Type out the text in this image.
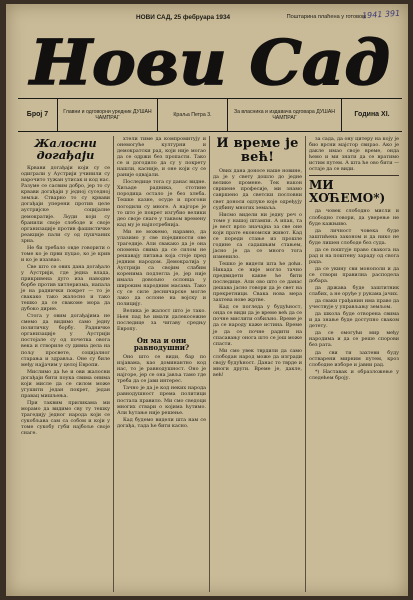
1941 391
НОВИ САД, 25 фебруара 1934	Поштарина плаћена у готовом
Нови Сад
Број 7	Главни и одговорни уредник ДУШАН ЧАМПРАГ
Краља Петра 3.
За власника и издавача одговара ДУШАН ЧАМПРАГ
Година XI.
Жалосни догађаји

Крвави догађаји који су се одиграли у Аустрији учинили су нарочито тужан утисак и код нас. Разуме се сасвим добро, јер то су крвави догађаји у једној суседној земљи. Стварно то су крвави догађаји уперени против целе аустријске социјалне демократије. Људи који су бранили своје слободе и своје организације против фашистичке реакције пали су од пушчаних зрна.

Не би требало овде говорити о томе ко је први пуцао, ко је крив и ко је изазвао.

Све што се ових дана догађало у Аустрији, где једна влада, прикривена дуго иза наводне борбе против хитлеризма, напала је на раднички покрет — то је свакако тако жалосно и тако тешко да се свакоме мора да дубоко дирне.

Стога у овим догађајима не смемо да видимо само једну политичку борбу. Радничке организације у Аустрији постојале су од почетка овога века и створиле су дивна дела на пољу просвете, социјалног старања и здравља. Оне су биле међу најјачим у целој Европи.

Мислимо да ће и ови жалосни догађаји бити поука свима онима који мисле да се силом може угушити један покрет, један правац мишљења.

При таквим приликама ми морамо да видимо сву ту тешку трагедију једног народа који се сукобљава сам са собом и који у томе сукобу губи најбоље своје снаге.

хтели тиме да компромитују и онемогуће културни и демократски рад, који није могао да се одржи без пропасти. Тако се и догодило да су у покрету нашли, касније, и оне који су се раније одвајали.

Последице тога су данас видне. Хиљаде радника, стотине породица остало је без хлеба. Тешке казне, осуде и прогони погодили су многе. А најгоре је то што је покрет изгубио велики део своје снаге у таквом времену кад му је најпотребнија.

Ми не можемо, наравно, да улазимо у све појединости ове трагедије. Али свакако да је она опомена свима да се силом не решавају питања која стоје пред једним народом. Демократија у Аустрији са својим слабим коренима подлегла је, јер није имала довољно ослонца у широким народним масама. Тако су се силе десничарске могле лако да ослоне на војску и полицију.

Велика је жалост што је тако. Њен пад ће имати далекосежне последице за читаву средњу Европу.

Он ма и они равнодушни?

Оно што се види, бар по изјавама, као доминантно код нас, то је равнодушност. Оно је најгоре, јер се она јавља тамо где треба да се јави интерес.

Тачно је да је код неких народа равнодушност према политици постала правило. Ми смо сведоци многих ствари о којима ћутимо. Али ћутање није решење.

Кад будемо видели шта нам се догађа, тада ће бити касно.

И време је већ!

Ових дана доносе наше новине, да је у свету дошло до једне велике промене. Тек након свршене професије, ми знамо савршено да светски пословни свет доноси одлуке које одређују судбину многих земаља.

Нисмо видели ни једну реч о томе у нашој штампи. А ипак, та је вест врло значајна за све оне који прате економски живот. Кад се пореди стање из прошле године са садашњим стањем, јасно је да се много тога изменило.

Тешко је видети шта ће доћи. Никада се није могло тачно предвидети какве ће бити последице. Али ово што се данас дешава јасно говори да је свет на прекретници. Свака нова мера захтева нове жртве.

Кад се погледа у будућност, онда се види да је време већ да се почне мислити озбиљно. Време је да се народу каже истина. Време је да се почне радити на спасавању онога што се још може спасти.

Ми смо увек тврдили да само слободан народ може да изгради своју будућност. Данас то тврде и многи други. Време је, дакле, већ!

за сада, да ону цитеру на коју је био врсни мајстор свирао. Ако је дакле имао своје време, онда ћемо и ми знати да се вратимо истим путем. А шта ће ово бити — остаје да се види.

МИ ХОЋЕМО*)

да човек слободно мисли и слободно говори, да уверење не буде кажњиво.

да личност човека буде заштићена законом и да нико не буде лишен слободе без суда.

да се поштује право свакога на рад и на поштену зараду од свога рада.

да се укину сви монополи и да се створи правилна расподела добара.

да држава буде заштитник слабих, а не оруђе у рукама јачих.

да сваки грађанин има право да учествује у управљању земљом.

да школа буде отворена свима и да знање буде доступно сваком детету.

да се омогући мир међу народима и да се реше спорови без рата.

да сви ти захтеви буду остварени мирним путем, кроз слободне изборе и јавни рад.

*) Наставак и образложење у следећем броју.
